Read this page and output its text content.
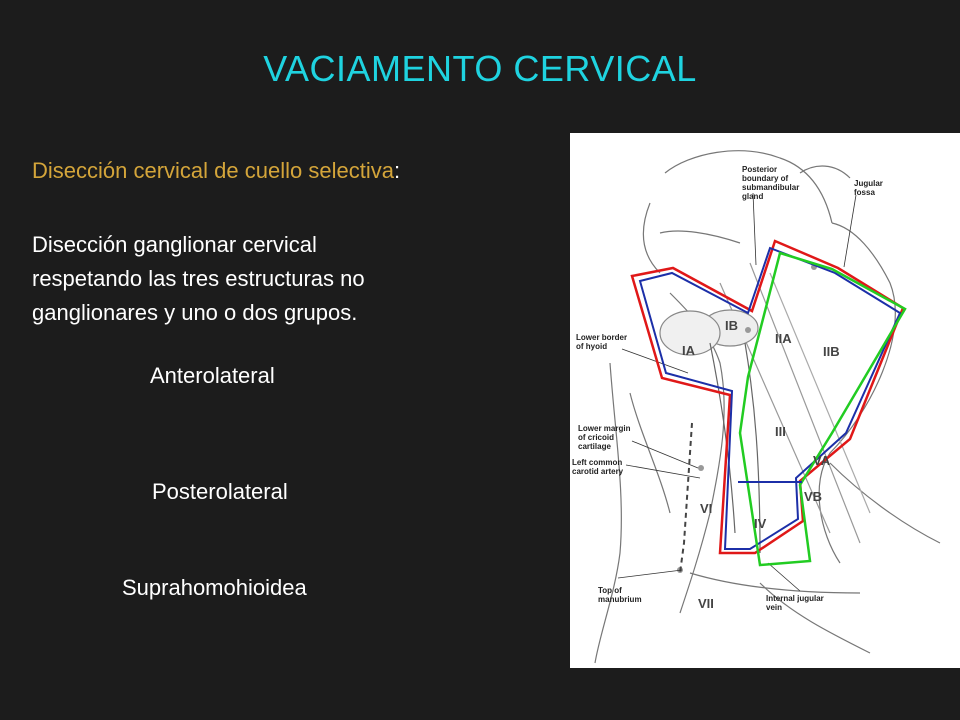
VACIAMENTO CERVICAL
Disección cervical de cuello selectiva:
Disección ganglionar cervical
respetando las tres estructuras no
ganglionares y uno o dos grupos.
Anterolateral
Posterolateral
Suprahomohioidea
IB
IA
IIA
IIB
III
VA
VB
IV
VI
VII
Posterior
boundary of
submandibular
gland
Jugular
fossa
Lower border
of hyoid
Lower margin
of cricoid
cartilage
Left common
carotid artery
Top of
manubrium	Internal jugular
vein
